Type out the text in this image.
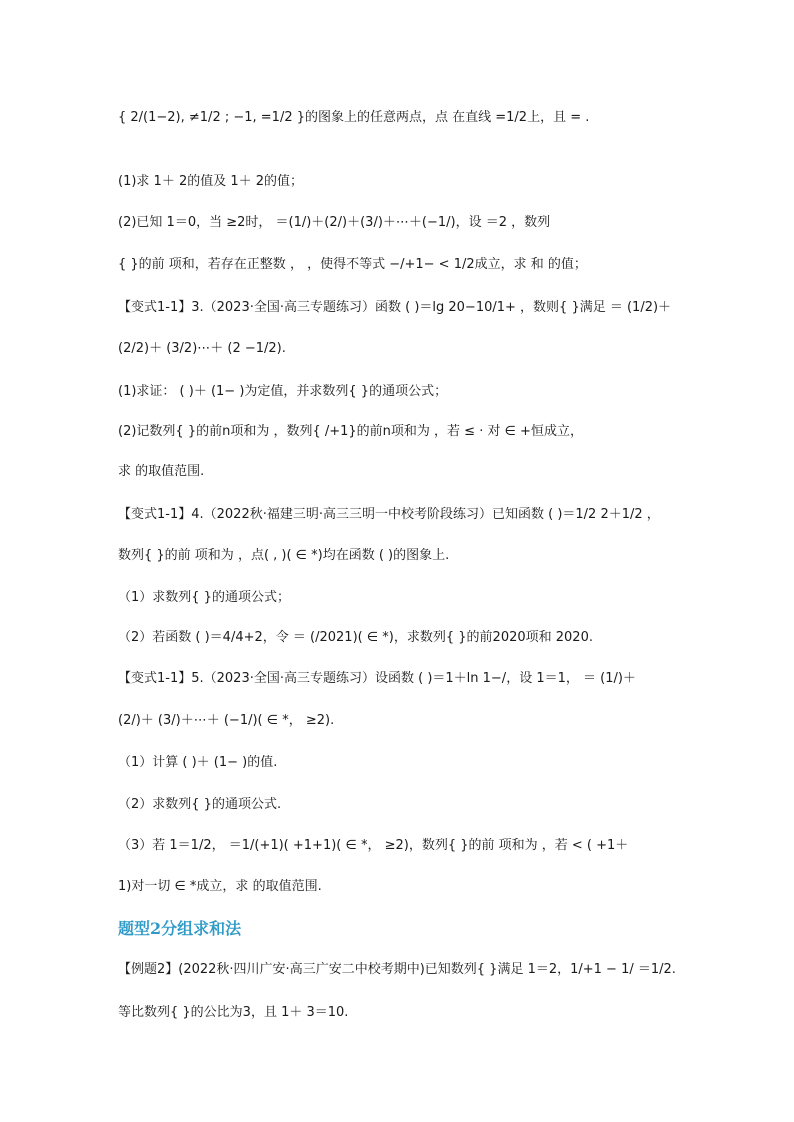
{ 2/(1−2), ≠1/2 ; −1, =1/2 }的图象上的任意两点，点 在直线 =1/2上，且 = .
(1)求 1＋ 2的值及 1＋ 2的值；
(2)已知 1＝0，当 ≥2时， ＝(1/)＋(2/)＋(3/)＋⋯＋(−1/)，设 ＝2 ，数列
{ }的前 项和，若存在正整数 ， ，使得不等式 −/+1− < 1/2成立，求 和 的值；
【变式1-1】3.（2023·全国·高三专题练习）函数 ( )＝lg 20−10/1+ ，数则{ }满足 ＝ (1/2)＋
(2/2)＋ (3/2)⋯＋ (2 −1/2).
(1)求证： ( )＋ (1− )为定值，并求数列{ }的通项公式；
(2)记数列{ }的前n项和为 ，数列{ /+1}的前n项和为 ，若 ≤ · 对 ∈ +恒成立，
求 的取值范围.
【变式1-1】4.（2022秋·福建三明·高三三明一中校考阶段练习）已知函数 ( )＝1/2 2＋1/2 ，
数列{ }的前 项和为 ，点( , )( ∈ *)均在函数 ( )的图象上.
（1）求数列{ }的通项公式；
（2）若函数 ( )＝4/4+2，令 ＝ (/2021)( ∈ *)，求数列{ }的前2020项和 2020.
【变式1-1】5.（2023·全国·高三专题练习）设函数 ( )＝1＋ln 1−/，设 1＝1， ＝ (1/)＋
(2/)＋ (3/)＋⋯＋ (−1/)( ∈ *， ≥2).
（1）计算 ( )＋ (1− )的值.
（2）求数列{ }的通项公式.
（3）若 1＝1/2， ＝1/(+1)( +1+1)( ∈ *， ≥2)，数列{ }的前 项和为 ，若 < ( +1＋
1)对一切 ∈ *成立，求 的取值范围.
题型2分组求和法
【例题2】(2022秋·四川广安·高三广安二中校考期中)已知数列{ }满足 1＝2，1/+1 − 1/ ＝1/2.
等比数列{ }的公比为3，且 1＋ 3＝10.
